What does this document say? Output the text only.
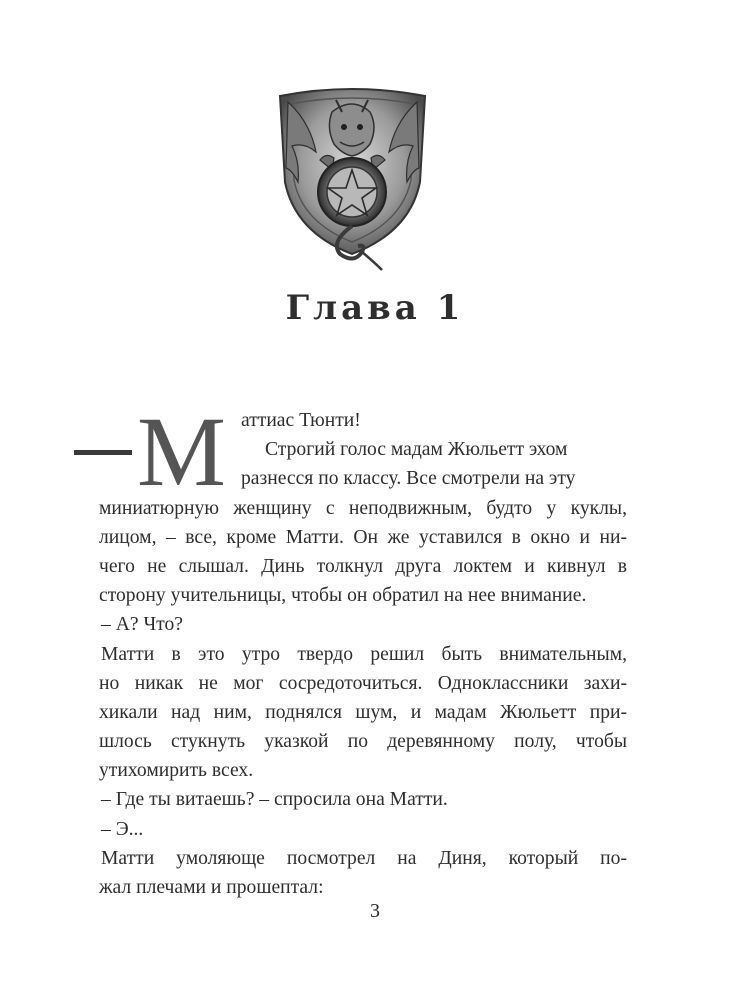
Глава 1
М аттиас Тюнти!
Строгий голос мадам Жюльетт эхом
разнесся по классу. Все смотрели на эту
миниатюрную женщину с неподвижным, будто у куклы,
лицом, – все, кроме Матти. Он же уставился в окно и ни-
чего не слышал. Динь толкнул друга локтем и кивнул в
сторону учительницы, чтобы он обратил на нее внимание.
– А? Что?
Матти в это утро твердо решил быть внимательным,
но никак не мог сосредоточиться. Одноклассники захи-
хикали над ним, поднялся шум, и мадам Жюльетт при-
шлось стукнуть указкой по деревянному полу, чтобы
утихомирить всех.
– Где ты витаешь? – спросила она Матти.
– Э...
Матти умоляюще посмотрел на Диня, который по-
жал плечами и прошептал:
3
